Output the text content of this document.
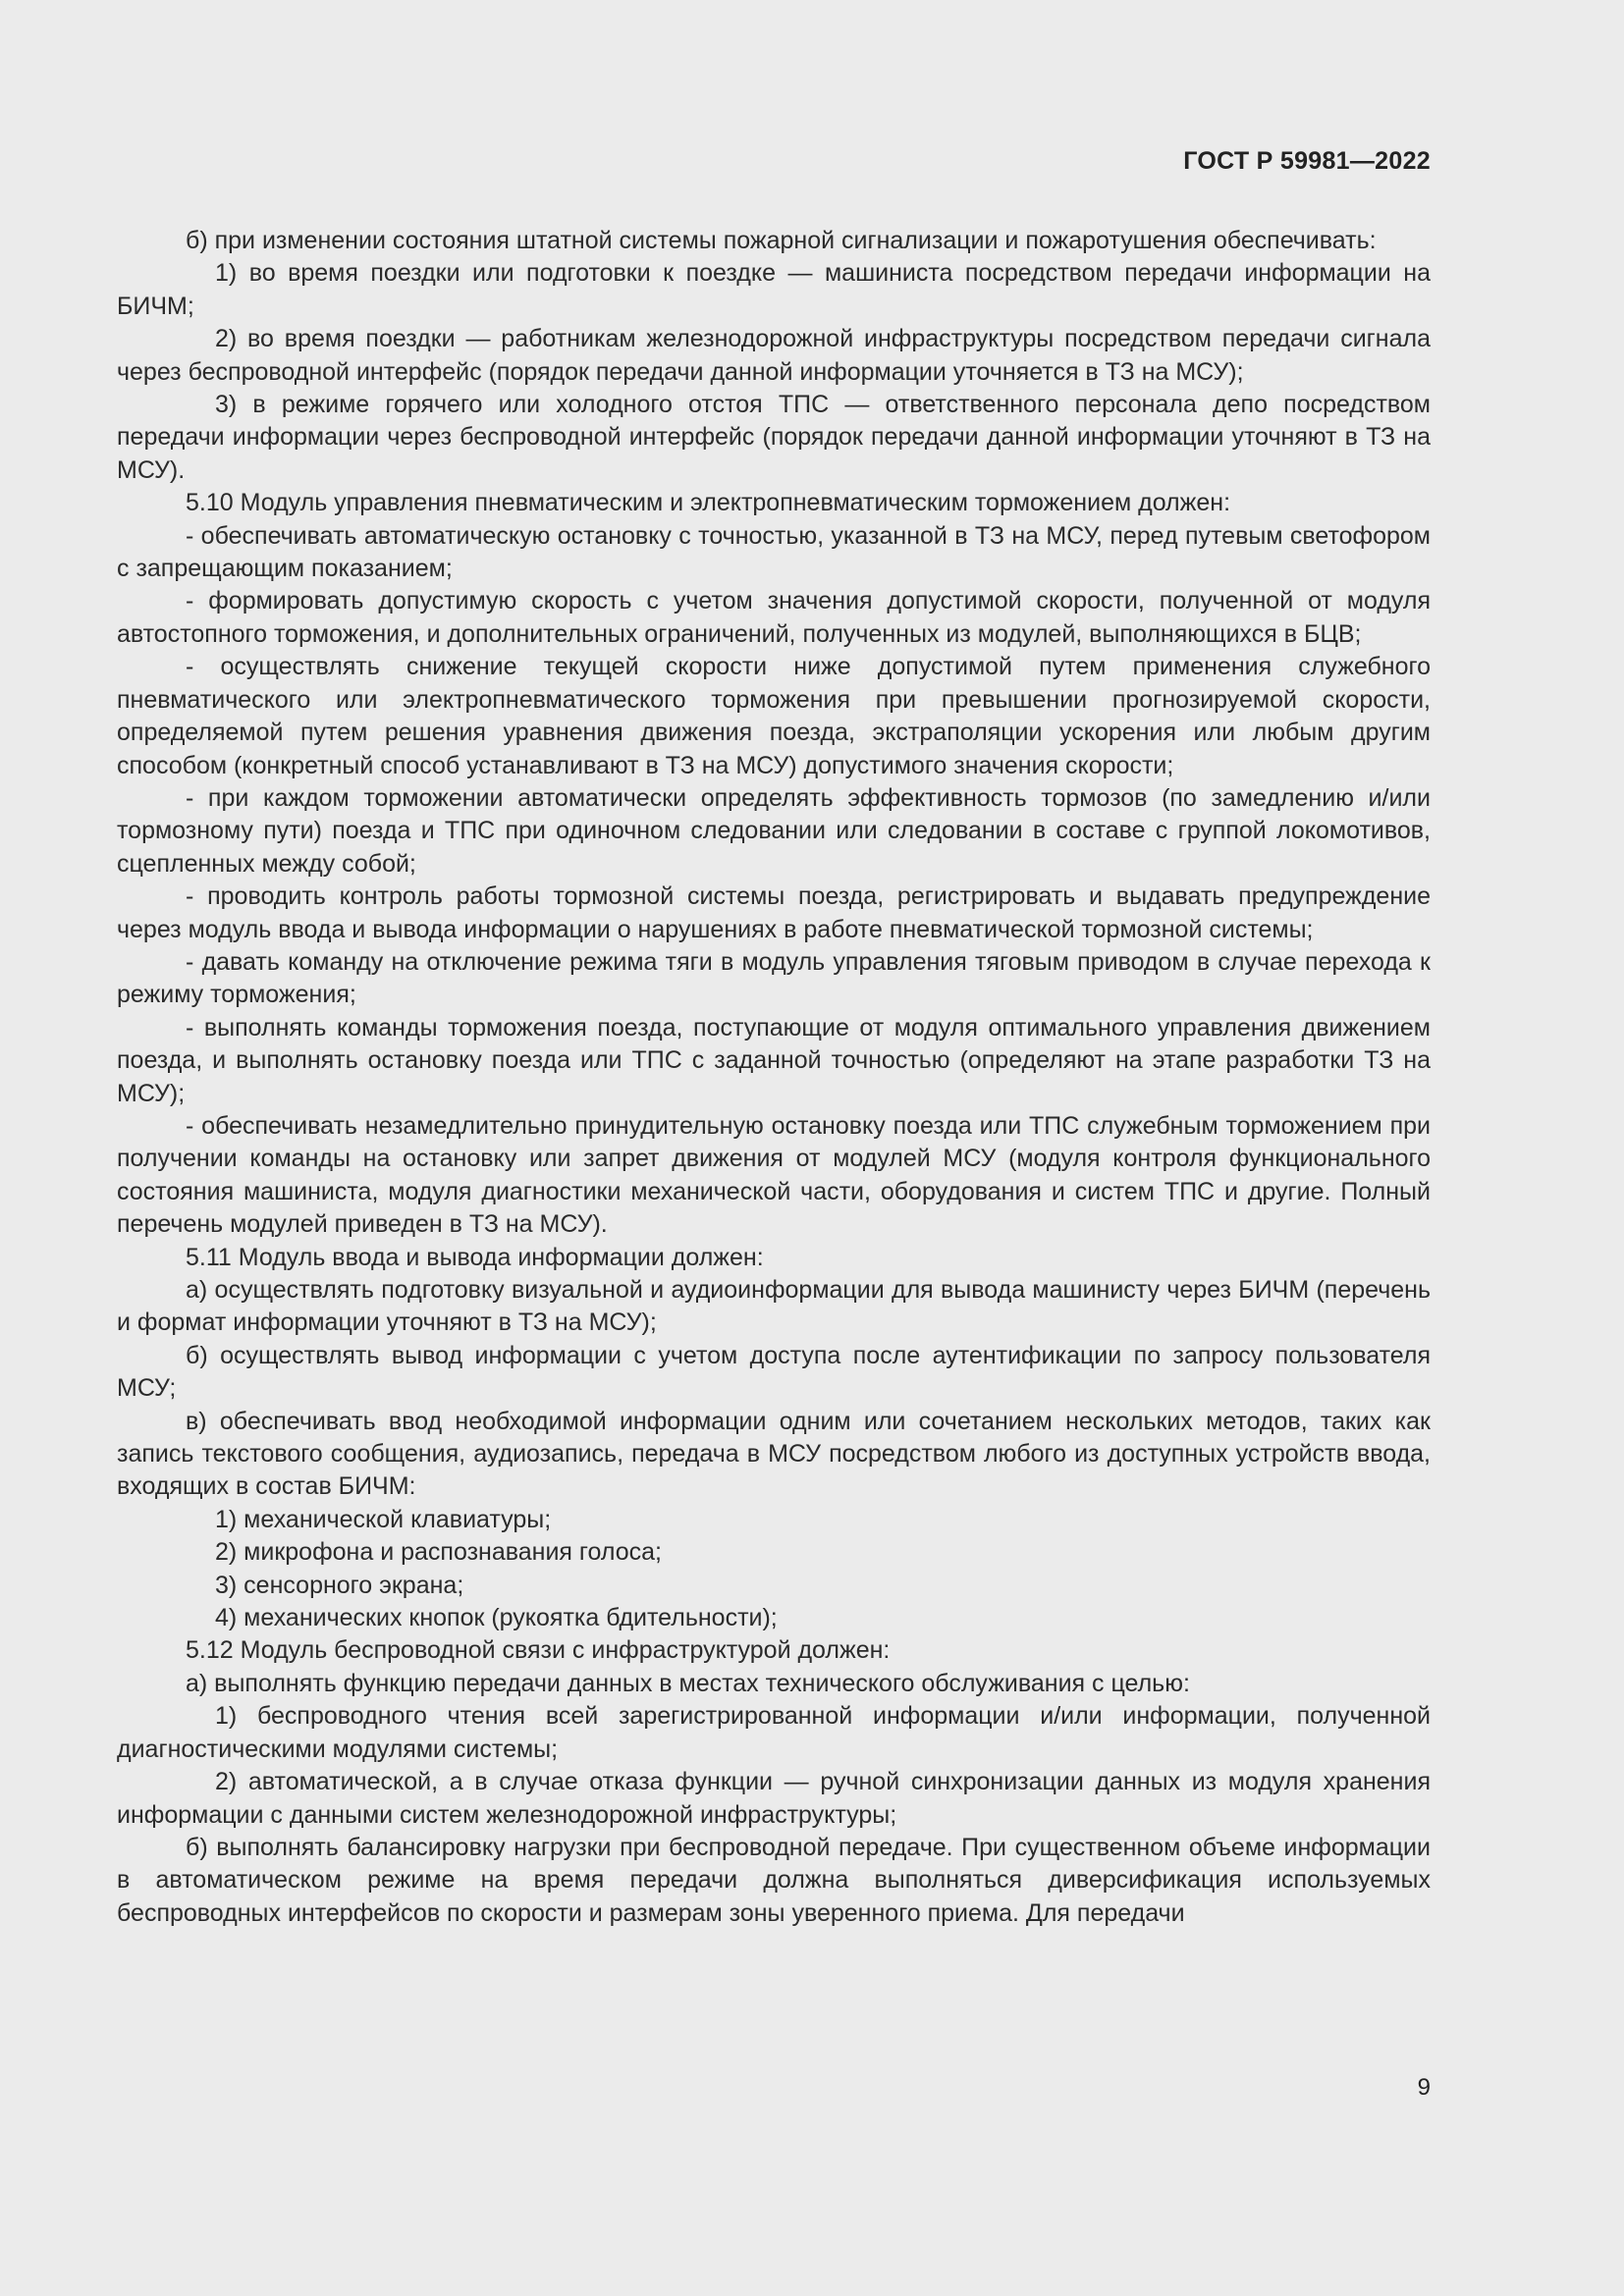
ГОСТ Р 59981—2022

б) при изменении состояния штатной системы пожарной сигнализации и пожаротушения обеспечивать:

1) во время поездки или подготовки к поездке — машиниста посредством передачи информации на БИЧМ;

2) во время поездки — работникам железнодорожной инфраструктуры посредством передачи сигнала через беспроводной интерфейс (порядок передачи данной информации уточняется в ТЗ на МСУ);

3) в режиме горячего или холодного отстоя ТПС — ответственного персонала депо посредством передачи информации через беспроводной интерфейс (порядок передачи данной информации уточняют в ТЗ на МСУ).

5.10 Модуль управления пневматическим и электропневматическим торможением должен:

- обеспечивать автоматическую остановку с точностью, указанной в ТЗ на МСУ, перед путевым светофором с запрещающим показанием;

- формировать допустимую скорость с учетом значения допустимой скорости, полученной от модуля автостопного торможения, и дополнительных ограничений, полученных из модулей, выполняющихся в БЦВ;

- осуществлять снижение текущей скорости ниже допустимой путем применения служебного пневматического или электропневматического торможения при превышении прогнозируемой скорости, определяемой путем решения уравнения движения поезда, экстраполяции ускорения или любым другим способом (конкретный способ устанавливают в ТЗ на МСУ) допустимого значения скорости;

- при каждом торможении автоматически определять эффективность тормозов (по замедлению и/или тормозному пути) поезда и ТПС при одиночном следовании или следовании в составе с группой локомотивов, сцепленных между собой;

- проводить контроль работы тормозной системы поезда, регистрировать и выдавать предупреждение через модуль ввода и вывода информации о нарушениях в работе пневматической тормозной системы;

- давать команду на отключение режима тяги в модуль управления тяговым приводом в случае перехода к режиму торможения;

- выполнять команды торможения поезда, поступающие от модуля оптимального управления движением поезда, и выполнять остановку поезда или ТПС с заданной точностью (определяют на этапе разработки ТЗ на МСУ);

- обеспечивать незамедлительно принудительную остановку поезда или ТПС служебным торможением при получении команды на остановку или запрет движения от модулей МСУ (модуля контроля функционального состояния машиниста, модуля диагностики механической части, оборудования и систем ТПС и другие. Полный перечень модулей приведен в ТЗ на МСУ).

5.11 Модуль ввода и вывода информации должен:

а) осуществлять подготовку визуальной и аудиоинформации для вывода машинисту через БИЧМ (перечень и формат информации уточняют в ТЗ на МСУ);

б) осуществлять вывод информации с учетом доступа после аутентификации по запросу пользователя МСУ;

в) обеспечивать ввод необходимой информации одним или сочетанием нескольких методов, таких как запись текстового сообщения, аудиозапись, передача в МСУ посредством любого из доступных устройств ввода, входящих в состав БИЧМ:

1) механической клавиатуры;

2) микрофона и распознавания голоса;

3) сенсорного экрана;

4) механических кнопок (рукоятка бдительности);

5.12 Модуль беспроводной связи с инфраструктурой должен:

а) выполнять функцию передачи данных в местах технического обслуживания с целью:

1) беспроводного чтения всей зарегистрированной информации и/или информации, полученной диагностическими модулями системы;

2) автоматической, а в случае отказа функции — ручной синхронизации данных из модуля хранения информации с данными систем железнодорожной инфраструктуры;

б) выполнять балансировку нагрузки при беспроводной передаче. При существенном объеме информации в автоматическом режиме на время передачи должна выполняться диверсификация используемых беспроводных интерфейсов по скорости и размерам зоны уверенного приема. Для передачи

9
